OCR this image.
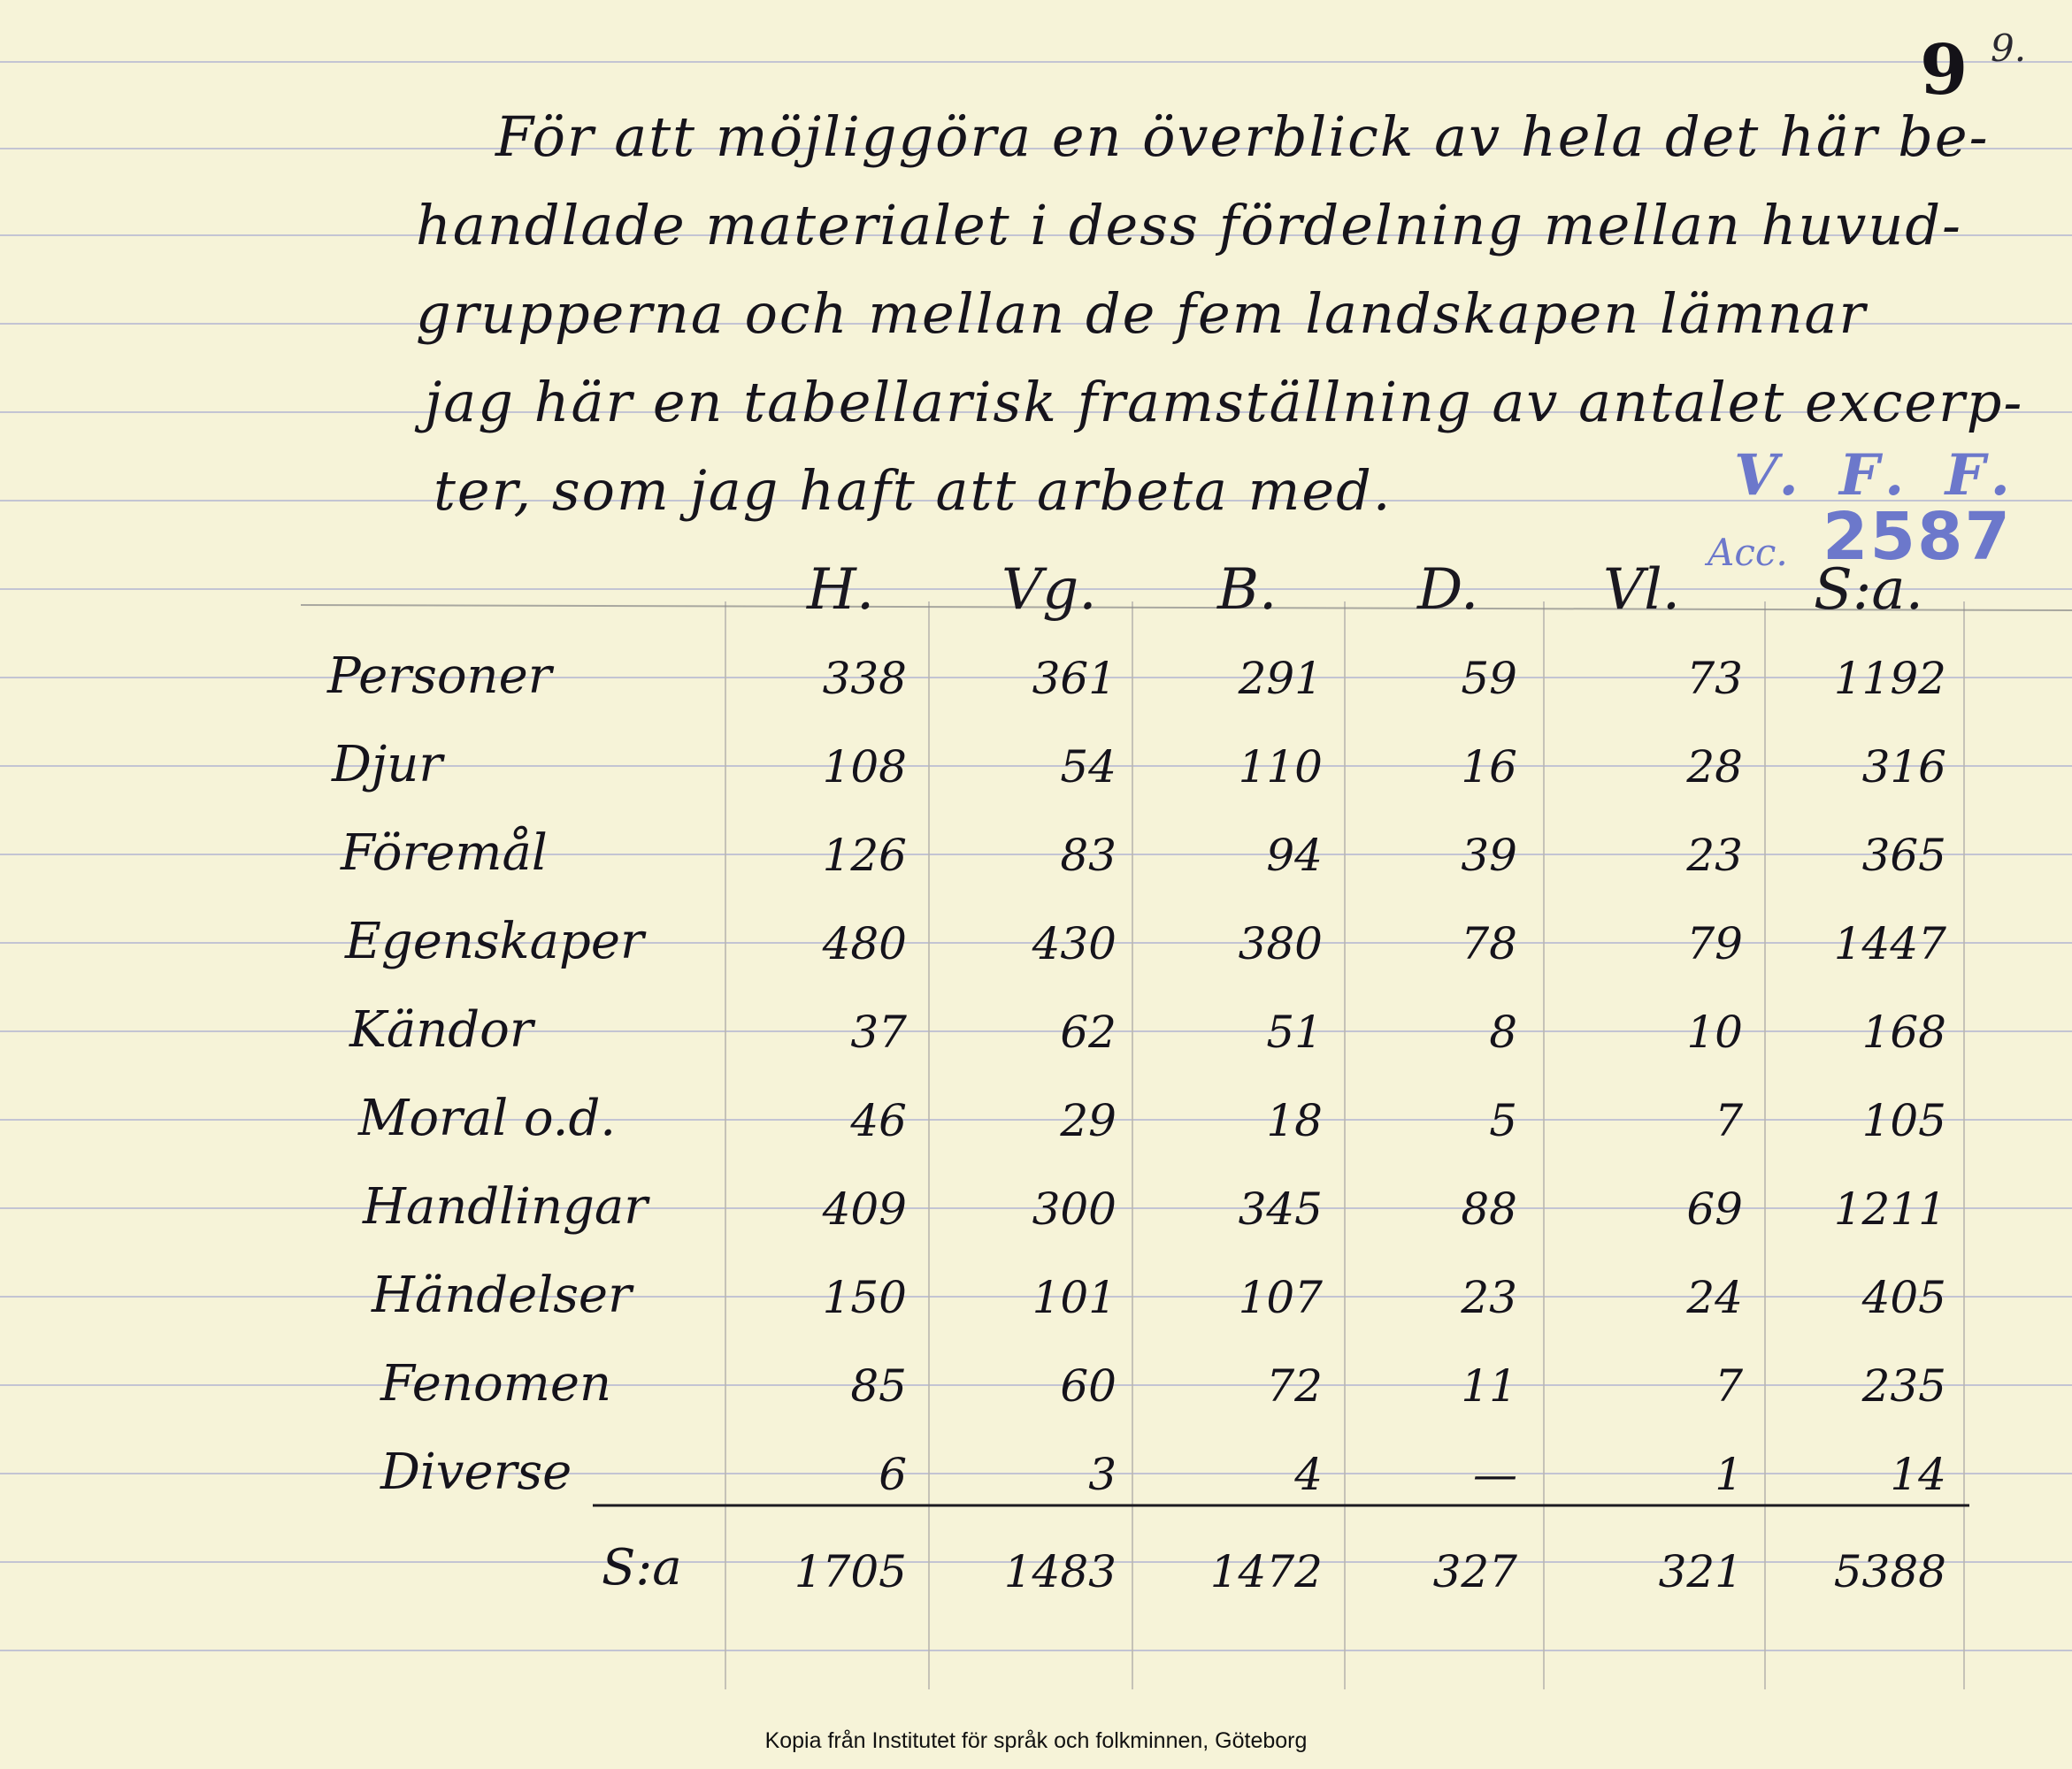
9 9.
För att möjliggöra en överblick av hela det här be-
handlade materialet i dess fördelning mellan huvud-
grupperna och mellan de fem landskapen lämnar
jag här en tabellarisk framställning av antalet excerp-
ter, som jag haft att arbeta med.	V. F. F.
Acc. 2587
H. Vg. B. D. Vl. S:a.
Personer	338	361	291	59	73	1192
Djur	108	54	110	16	28	316
Föremål	126	83	94	39	23	365
Egenskaper	480	430	380	78	79	1447
Kändor	37	62	51	8	10	168
Moral o.d.	46	29	18	5	7	105
Handlingar	409	300	345	88	69	1211
Händelser	150	101	107	23	24	405
Fenomen	85	60	72	11	7	235
Diverse	6	3	4	—	1	14
S:a	1705	1483	1472	327	321	5388
Kopia från Institutet för språk och folkminnen, Göteborg
